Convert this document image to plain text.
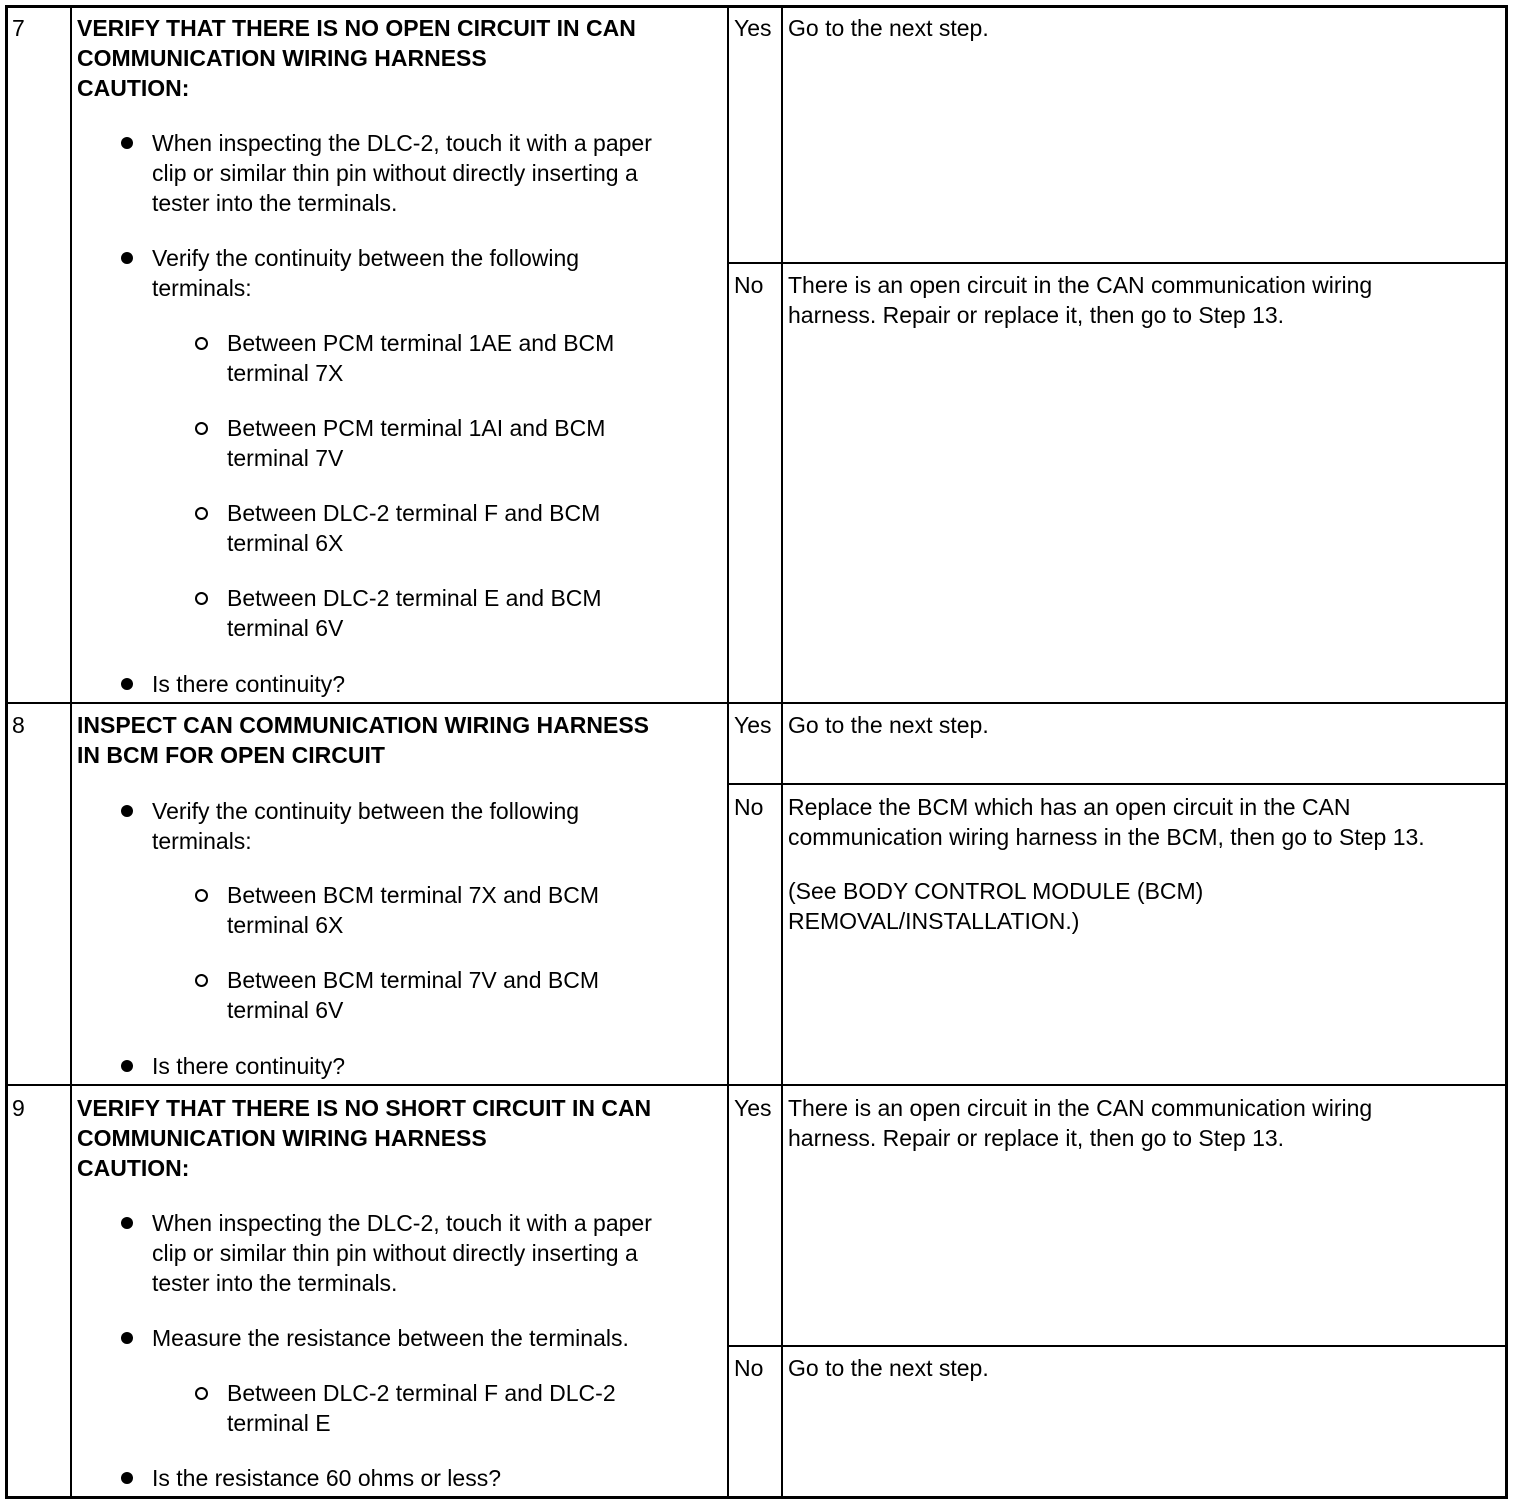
7 VERIFY THAT THERE IS NO OPEN CIRCUIT IN CAN
COMMUNICATION WIRING HARNESS
CAUTION:
When inspecting the DLC-2, touch it with a paper
clip or similar thin pin without directly inserting a
tester into the terminals.
Verify the continuity between the following
terminals:
Between PCM terminal 1AE and BCM
terminal 7X
Between PCM terminal 1AI and BCM
terminal 7V
Between DLC-2 terminal F and BCM
terminal 6X
Between DLC-2 terminal E and BCM
terminal 6V
Is there continuity?
Yes Go to the next step.
No There is an open circuit in the CAN communication wiring
harness. Repair or replace it, then go to Step 13.
8 INSPECT CAN COMMUNICATION WIRING HARNESS
IN BCM FOR OPEN CIRCUIT
Verify the continuity between the following
terminals:
Between BCM terminal 7X and BCM
terminal 6X
Between BCM terminal 7V and BCM
terminal 6V
Is there continuity?
Yes Go to the next step.
No Replace the BCM which has an open circuit in the CAN
communication wiring harness in the BCM, then go to Step 13.
(See BODY CONTROL MODULE (BCM)
REMOVAL/INSTALLATION.)
9 VERIFY THAT THERE IS NO SHORT CIRCUIT IN CAN
COMMUNICATION WIRING HARNESS
CAUTION:
When inspecting the DLC-2, touch it with a paper
clip or similar thin pin without directly inserting a
tester into the terminals.
Measure the resistance between the terminals.
Between DLC-2 terminal F and DLC-2
terminal E
Is the resistance 60 ohms or less?
Yes There is an open circuit in the CAN communication wiring
harness. Repair or replace it, then go to Step 13.
No Go to the next step.
